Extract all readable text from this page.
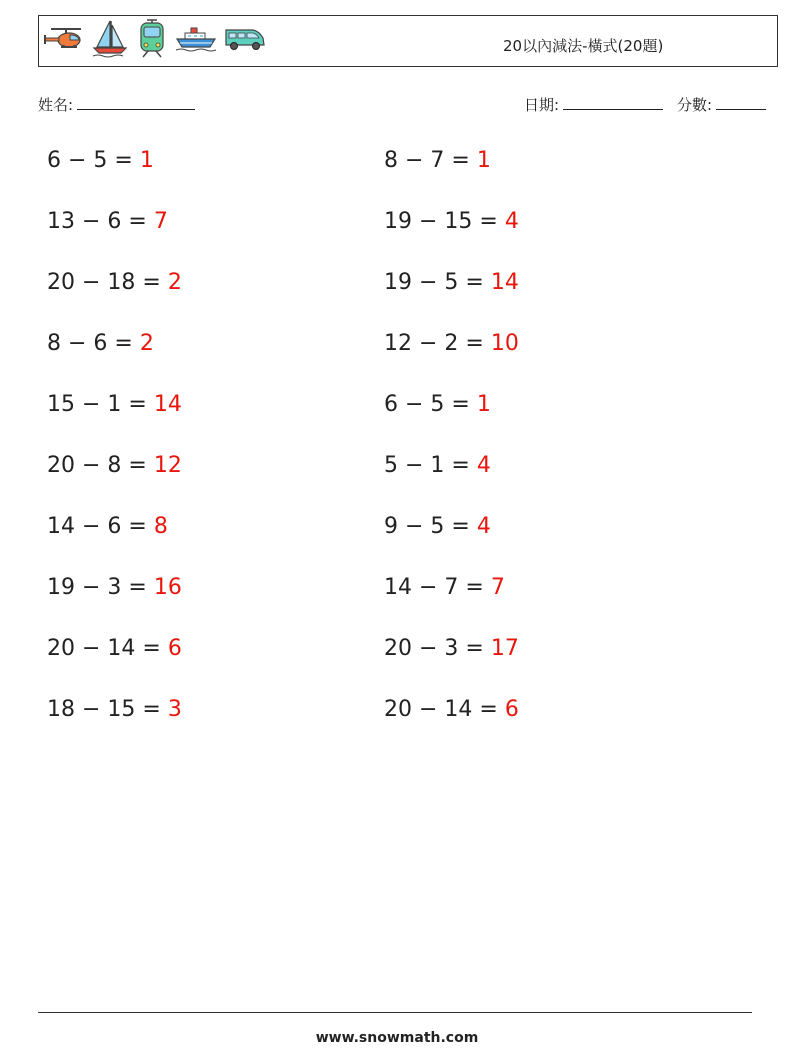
20以內減法-橫式(20題)
姓名:	日期:	分數:
6 − 5 = 1	8 − 7 = 1
13 − 6 = 7	19 − 15 = 4
20 − 18 = 2	19 − 5 = 14
8 − 6 = 2	12 − 2 = 10
15 − 1 = 14	6 − 5 = 1
20 − 8 = 12	5 − 1 = 4
14 − 6 = 8	9 − 5 = 4
19 − 3 = 16	14 − 7 = 7
20 − 14 = 6	20 − 3 = 17
18 − 15 = 3	20 − 14 = 6
www.snowmath.com
